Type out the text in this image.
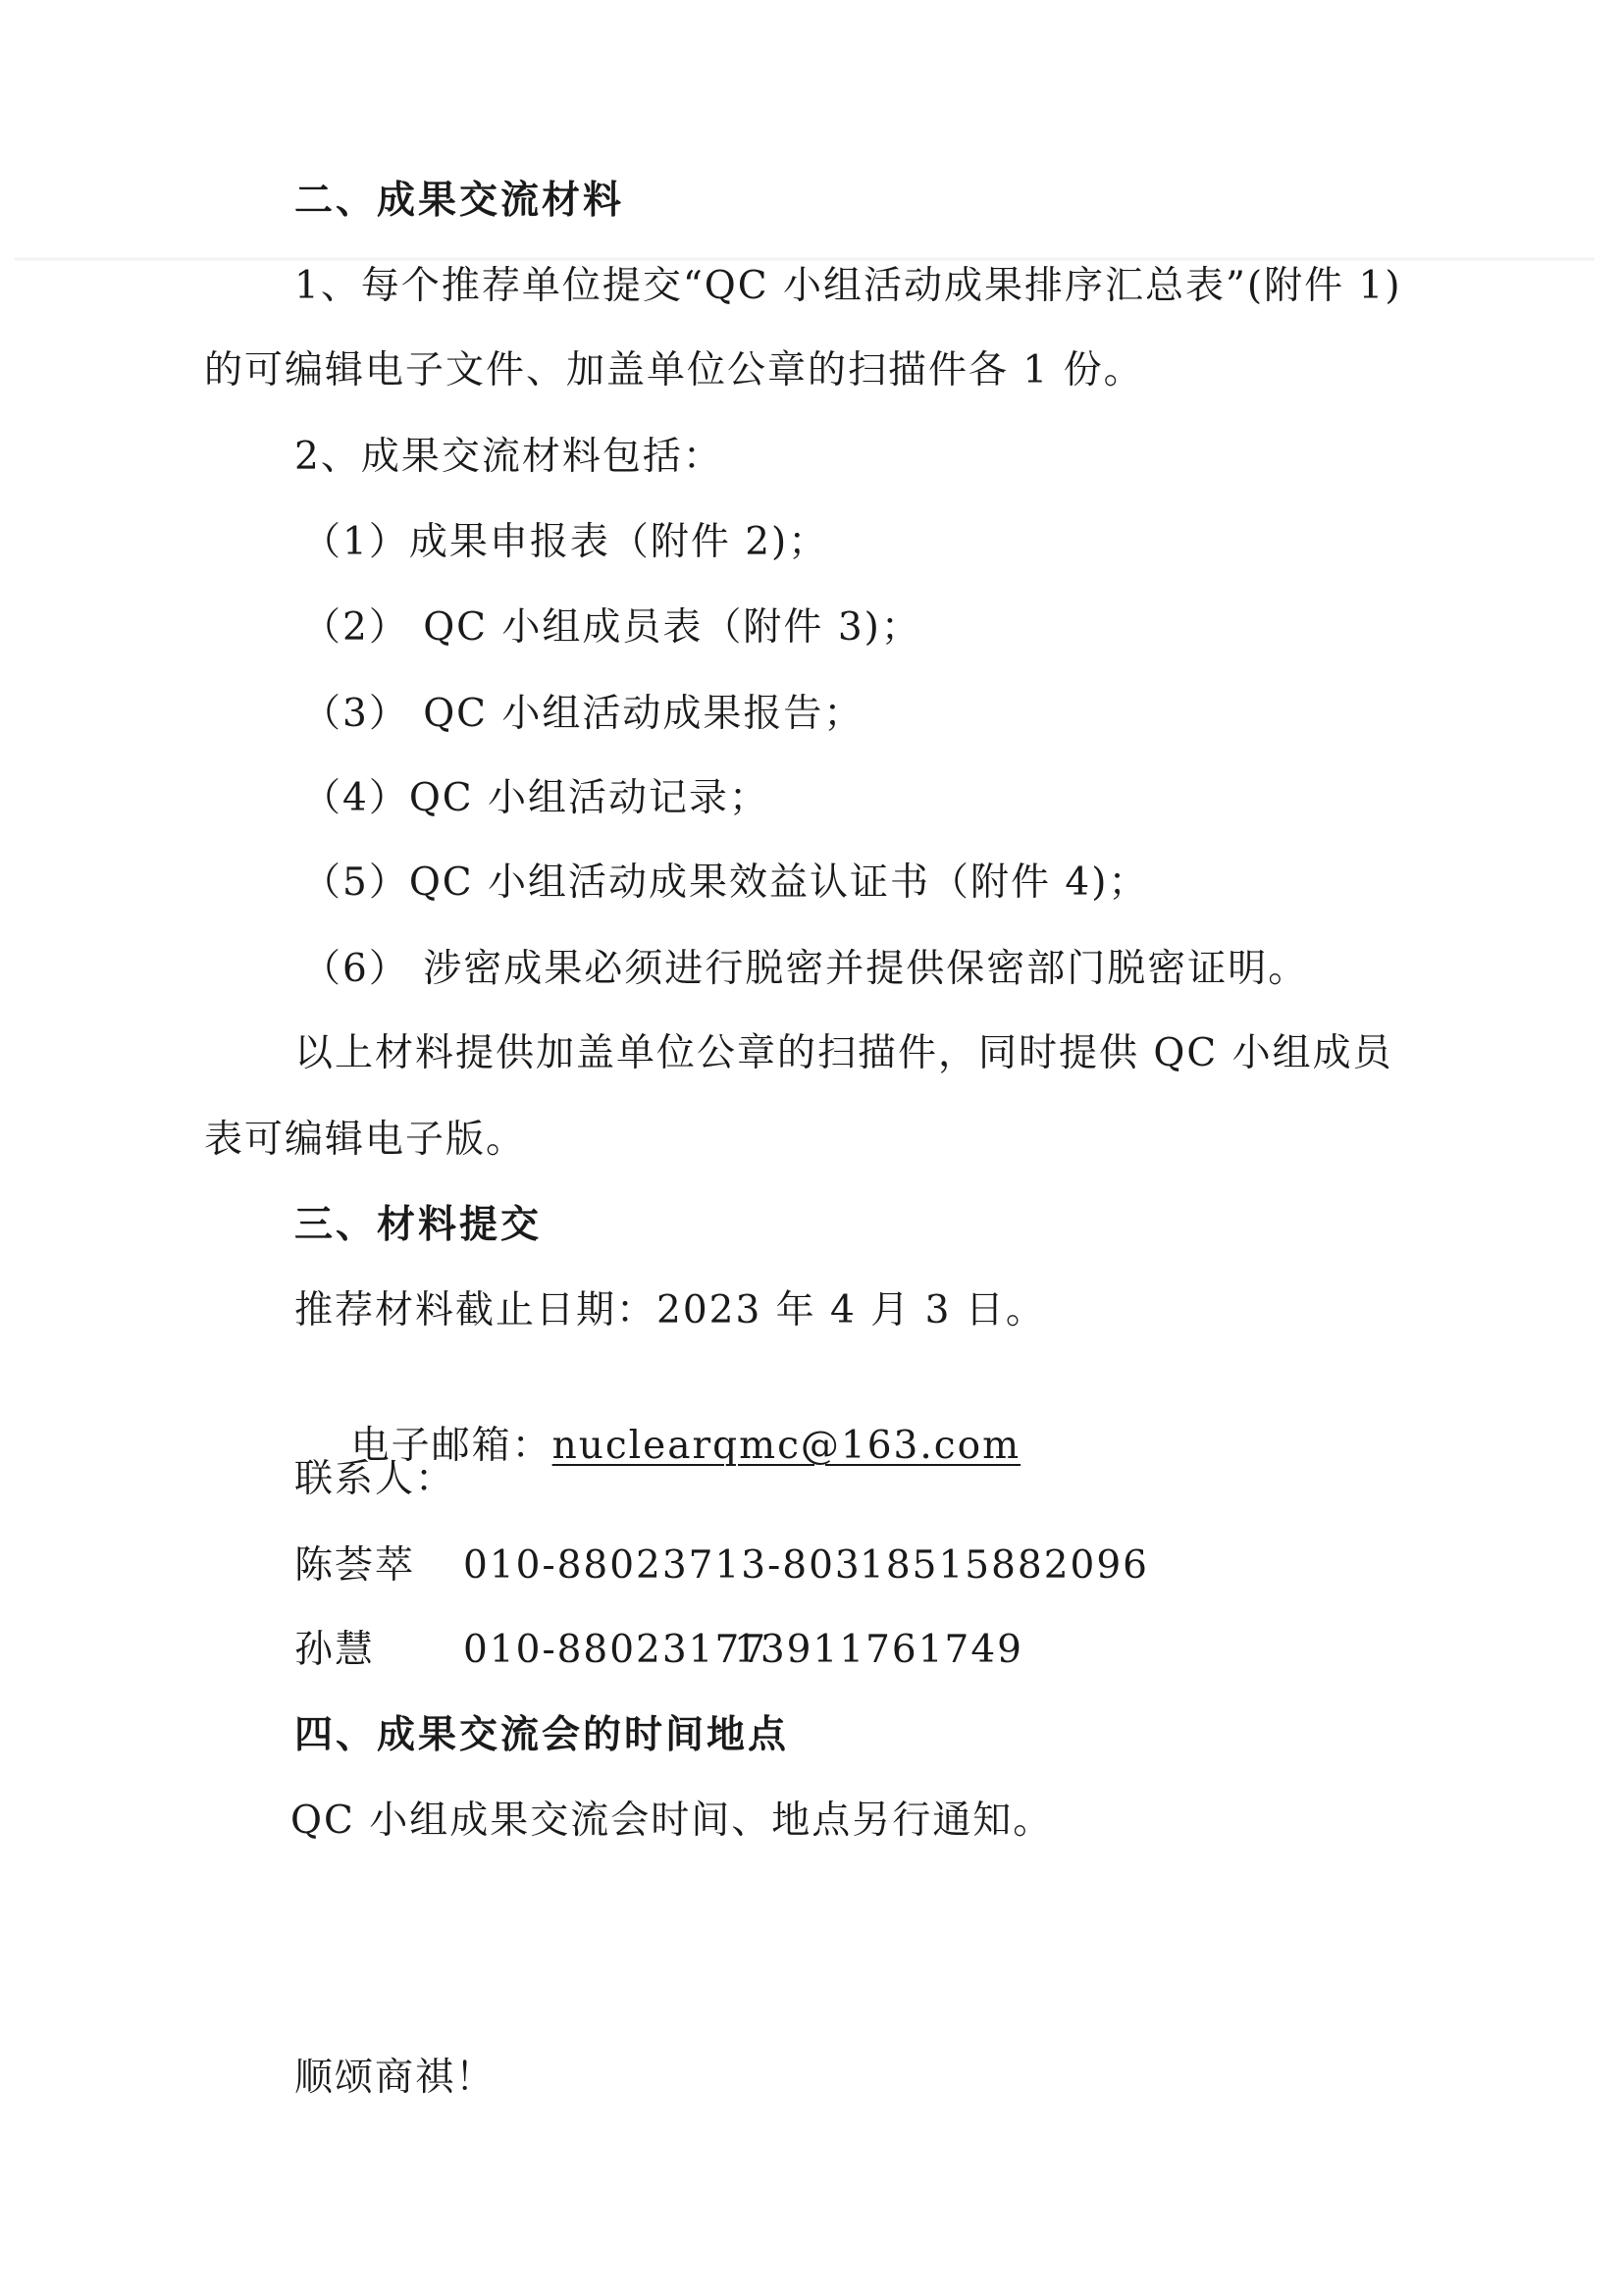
二、成果交流材料
1、每个推荐单位提交“QC 小组活动成果排序汇总表”(附件 1)
的可编辑电子文件、加盖单位公章的扫描件各 1 份。
2、成果交流材料包括：
（1）成果申报表（附件 2)；
（2） QC 小组成员表（附件 3)；
（3） QC 小组活动成果报告；
（4）QC 小组活动记录；
（5）QC 小组活动成果效益认证书（附件 4)；
（6） 涉密成果必须进行脱密并提供保密部门脱密证明。
以上材料提供加盖单位公章的扫描件，同时提供 QC 小组成员
表可编辑电子版。
三、材料提交
推荐材料截止日期：2023 年 4 月 3 日。

电子邮箱：nuclearqmc@163.com

联系人：
陈荟萃 010-88023713-803
18515882096
孙慧 010-88023177
13911761749
四、成果交流会的时间地点
QC 小组成果交流会时间、地点另行通知。
顺颂商祺！
